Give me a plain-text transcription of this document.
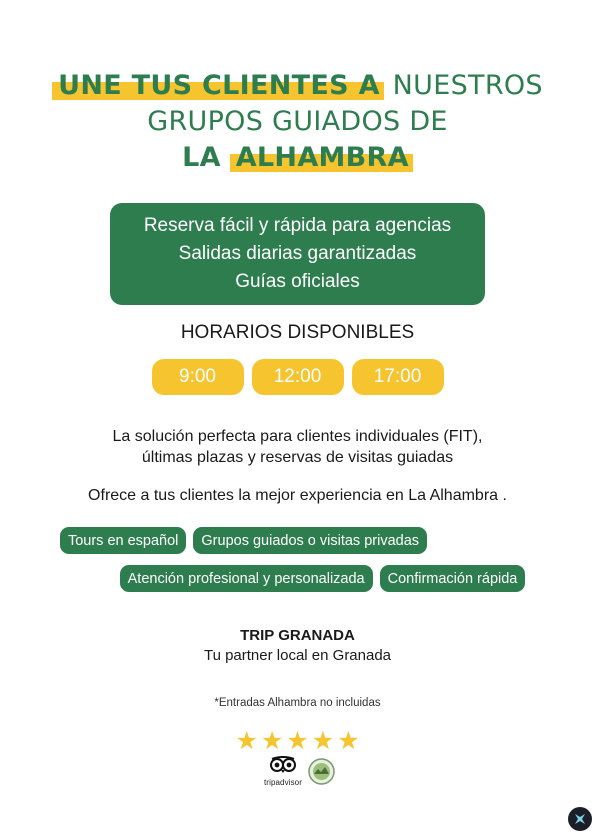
UNE TUS CLIENTES A NUESTROS
GRUPOS GUIADOS DE
LA ALHAMBRA
Reserva fácil y rápida para agencias
Salidas diarias garantizadas
Guías oficiales
HORARIOS DISPONIBLES
9:00	12:00	17:00
La solución perfecta para clientes individuales (FIT),
últimas plazas y reservas de visitas guiadas
Ofrece a tus clientes la mejor experiencia en La Alhambra .
Tours en español	Grupos guiados o visitas privadas
Atención profesional y personalizada	Confirmación rápida
TRIP GRANADA
Tu partner local en Granada
*Entradas Alhambra no incluidas
★ ★ ★ ★ ★
tripadvisor
